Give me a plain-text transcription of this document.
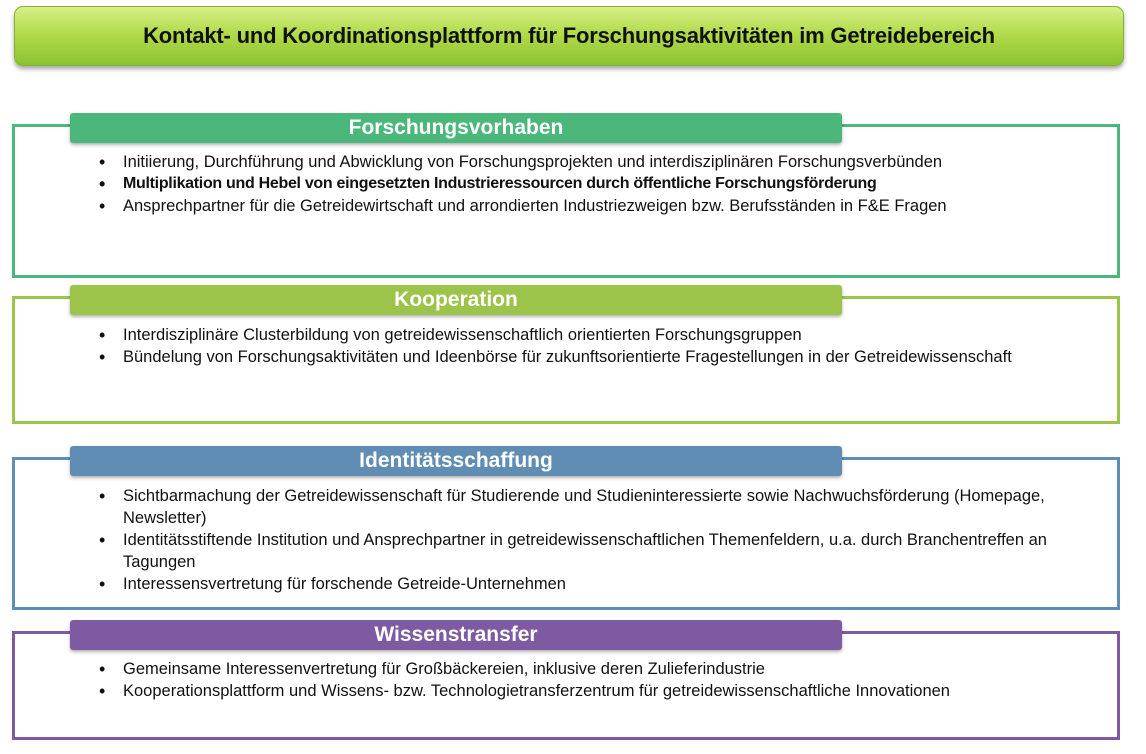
Kontakt- und Koordinationsplattform für Forschungsaktivitäten im Getreidebereich
Forschungsvorhaben
• Initiierung, Durchführung und Abwicklung von Forschungsprojekten und interdisziplinären Forschungsverbünden
• Multiplikation und Hebel von eingesetzten Industrieressourcen durch öffentliche Forschungsförderung
• Ansprechpartner für die Getreidewirtschaft und arrondierten Industriezweigen bzw. Berufsständen in F&E Fragen
Kooperation
• Interdisziplinäre Clusterbildung von getreidewissenschaftlich orientierten Forschungsgruppen
• Bündelung von Forschungsaktivitäten und Ideenbörse für zukunftsorientierte Fragestellungen in der Getreidewissenschaft
Identitätsschaffung
• Sichtbarmachung der Getreidewissenschaft für Studierende und Studieninteressierte sowie Nachwuchsförderung (Homepage, Newsletter)
• Identitätsstiftende Institution und Ansprechpartner in getreidewissenschaftlichen Themenfeldern, u.a. durch Branchentreffen an Tagungen
• Interessensvertretung für forschende Getreide-Unternehmen
Wissenstransfer
• Gemeinsame Interessenvertretung für Großbäckereien, inklusive deren Zulieferindustrie
• Kooperationsplattform und Wissens- bzw. Technologietransferzentrum für getreidewissenschaftliche Innovationen
